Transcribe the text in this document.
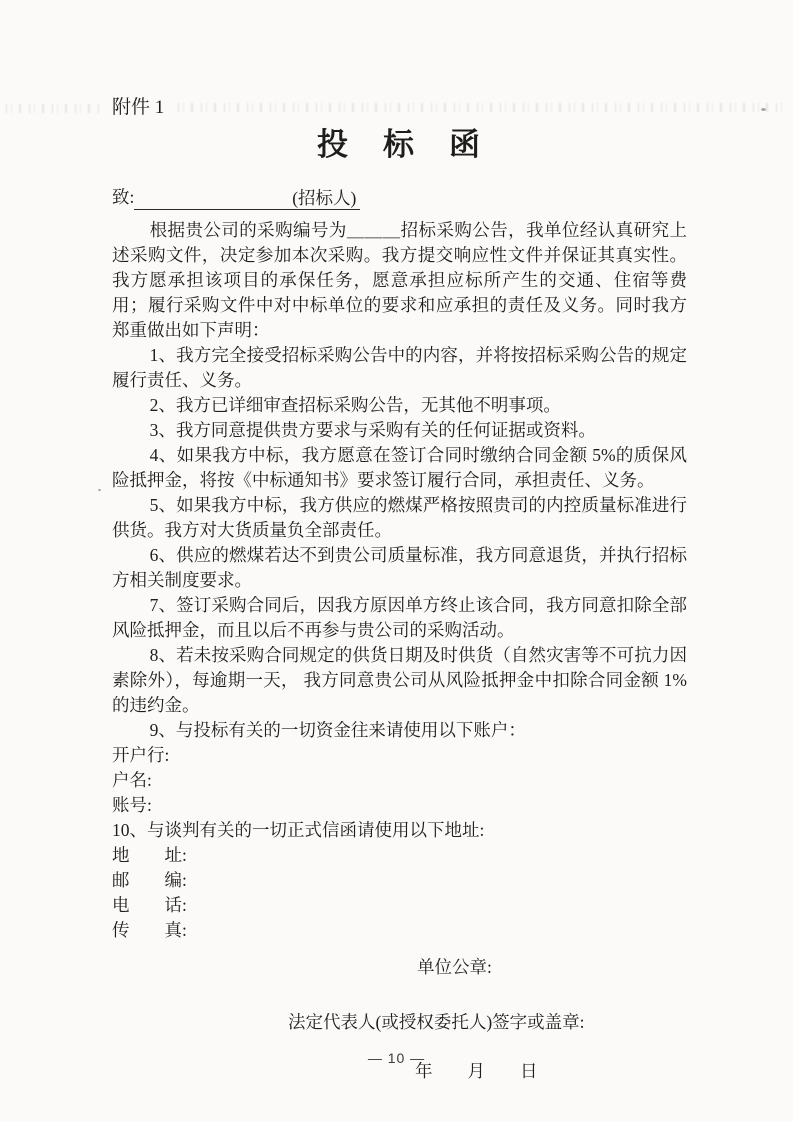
附件 1

投　标　函

致:	(招标人)

根据贵公司的采购编号为＿＿＿招标采购公告，我单位经认真研究上述采购文件，决定参加本次采购。我方提交响应性文件并保证其真实性。我方愿承担该项目的承保任务，愿意承担应标所产生的交通、住宿等费用；履行采购文件中对中标单位的要求和应承担的责任及义务。同时我方郑重做出如下声明：

1、我方完全接受招标采购公告中的内容，并将按招标采购公告的规定履行责任、义务。

2、我方已详细审查招标采购公告，无其他不明事项。

3、我方同意提供贵方要求与采购有关的任何证据或资料。

4、如果我方中标，我方愿意在签订合同时缴纳合同金额 5%的质保风险抵押金，将按《中标通知书》要求签订履行合同，承担责任、义务。

5、如果我方中标，我方供应的燃煤严格按照贵司的内控质量标准进行供货。我方对大货质量负全部责任。

6、供应的燃煤若达不到贵公司质量标准，我方同意退货，并执行招标方相关制度要求。

7、签订采购合同后，因我方原因单方终止该合同，我方同意扣除全部风险抵押金，而且以后不再参与贵公司的采购活动。

8、若未按采购合同规定的供货日期及时供货（自然灾害等不可抗力因素除外），每逾期一天， 我方同意贵公司从风险抵押金中扣除合同金额 1%的违约金。

9、与投标有关的一切资金往来请使用以下账户：

开户行:

户名:

账号:

10、与谈判有关的一切正式信函请使用以下地址:

地　　址:

邮　　编:

电　　话:

传　　真:

单位公章:

法定代表人(或授权委托人)签字或盖章:

年　　月　　日

— 10 —
